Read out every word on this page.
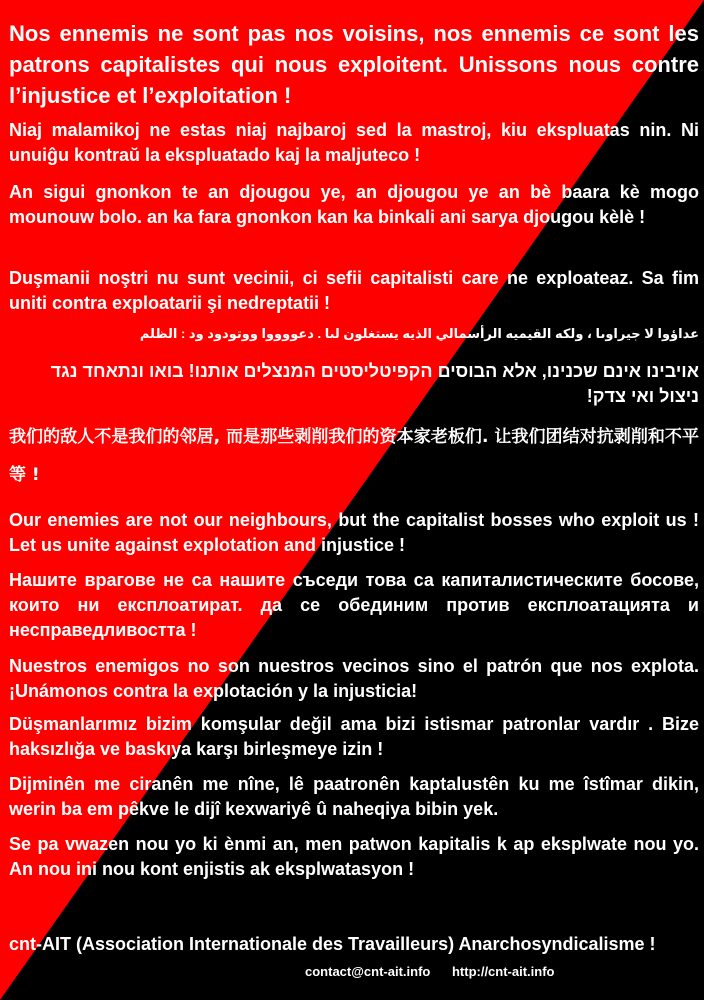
Nos ennemis ne sont pas nos voisins, nos ennemis ce sont les patrons capitalistes qui nous exploitent. Unissons nous contre l’injustice et l’exploitation !

Niaj malamikoj ne estas niaj najbaroj sed la mastroj, kiu ekspluatas nin. Ni unuiĝu kontraŭ la ekspluatado kaj la maljuteco !

An sigui gnonkon te an djougou ye, an djougou ye an bè baara kè mogo mounouw bolo. an ka fara gnonkon kan ka binkali ani sarya djougou kèlè !

Duşmanii noştri nu sunt vecinii, ci sefii capitalisti care ne exploateaz. Sa fim uniti contra exploatarii şi nedreptatii !

عداؤوا لا جيراوىا ، ولكه القيميه الرأسمالي الذيه يستغلون لىا . دعووووا ووتودود ود : الظلم

אויבינו אינם שכנינו, אלא הבוסים הקפיטליסטים המנצלים אותנו! בואו ונתאחד נגד ניצול ואי צדק!

我们的敌人不是我们的邻居, 而是那些剥削我们的资本家老板们. 让我们团结对抗剥削和不平 等 !

Our enemies are not our neighbours, but the capitalist bosses who exploit us ! Let us unite against explotation and injustice !

Нашите врагове не са нашите съседи това са капиталистическите босове, които ни експлоатират. да се обединим против експлоатацията и несправедливостта !

Nuestros enemigos no son nuestros vecinos sino el patrón que nos explota. ¡Unámonos contra la explotación y la injusticia!

Düşmanlarımız bizim komşular değil ama bizi istismar patronlar vardır . Bize haksızlığa ve baskıya karşı birleşmeye izin !

Dijminên me ciranên me nîne, lê paatronên kaptalustên ku me îstîmar dikin, werin ba em pêkve le dijî kexwariyê û naheqiya bibin yek.

Se pa vwazen nou yo ki ènmi an, men patwon kapitalis k ap eksplwate nou yo. An nou ini nou kont enjistis ak eksplwatasyon !

cnt-AIT (Association Internationale des Travailleurs) Anarchosyndicalisme !

contact@cnt-ait.info http://cnt-ait.info
